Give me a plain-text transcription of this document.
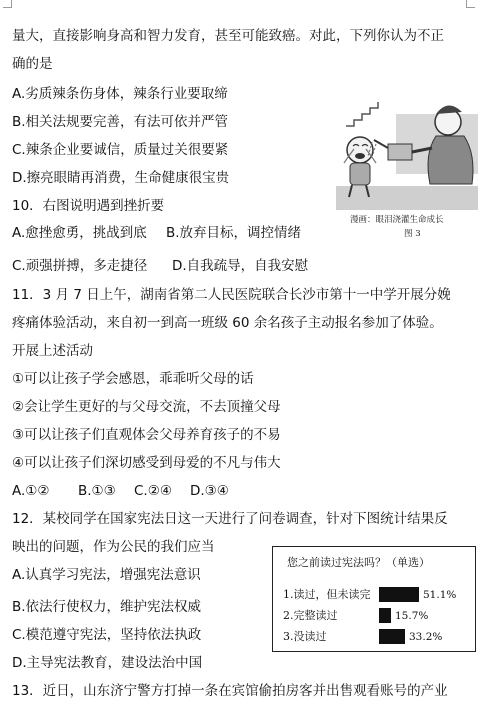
量大，直接影响身高和智力发育，甚至可能致癌。对此，下列你认为不正
确的是
A.劣质辣条伤身体，辣条行业要取缔
B.相关法规要完善，有法可依并严管
C.辣条企业要诚信，质量过关很要紧
D.擦亮眼睛再消费，生命健康很宝贵
10．右图说明遇到挫折要
A.愈挫愈勇，挑战到底 B.放弃目标，调控情绪
C.顽强拼搏，多走捷径 D.自我疏导，自我安慰
漫画：眼泪浇灌生命成长
图 3
11．3 月 7 日上午，湖南省第二人民医院联合长沙市第十一中学开展分娩
疼痛体验活动，来自初一到高一班级 60 余名孩子主动报名参加了体验。
开展上述活动
①可以让孩子学会感恩，乖乖听父母的话
②会让学生更好的与父母交流，不去顶撞父母
③可以让孩子们直观体会父母养育孩子的不易
④可以让孩子们深切感受到母爱的不凡与伟大
A.①② B.①③ C.②④ D.③④
12．某校同学在国家宪法日这一天进行了问卷调查，针对下图统计结果反
映出的问题，作为公民的我们应当
A.认真学习宪法，增强宪法意识
B.依法行使权力，维护宪法权威
C.模范遵守宪法，坚持依法执政
D.主导宪法教育，建设法治中国
您之前读过宪法吗？（单选）
1.读过，但未读完	51.1%
2.完整读过	15.7%
3.没读过	33.2%
13．近日，山东济宁警方打掉一条在宾馆偷拍房客并出售观看账号的产业
